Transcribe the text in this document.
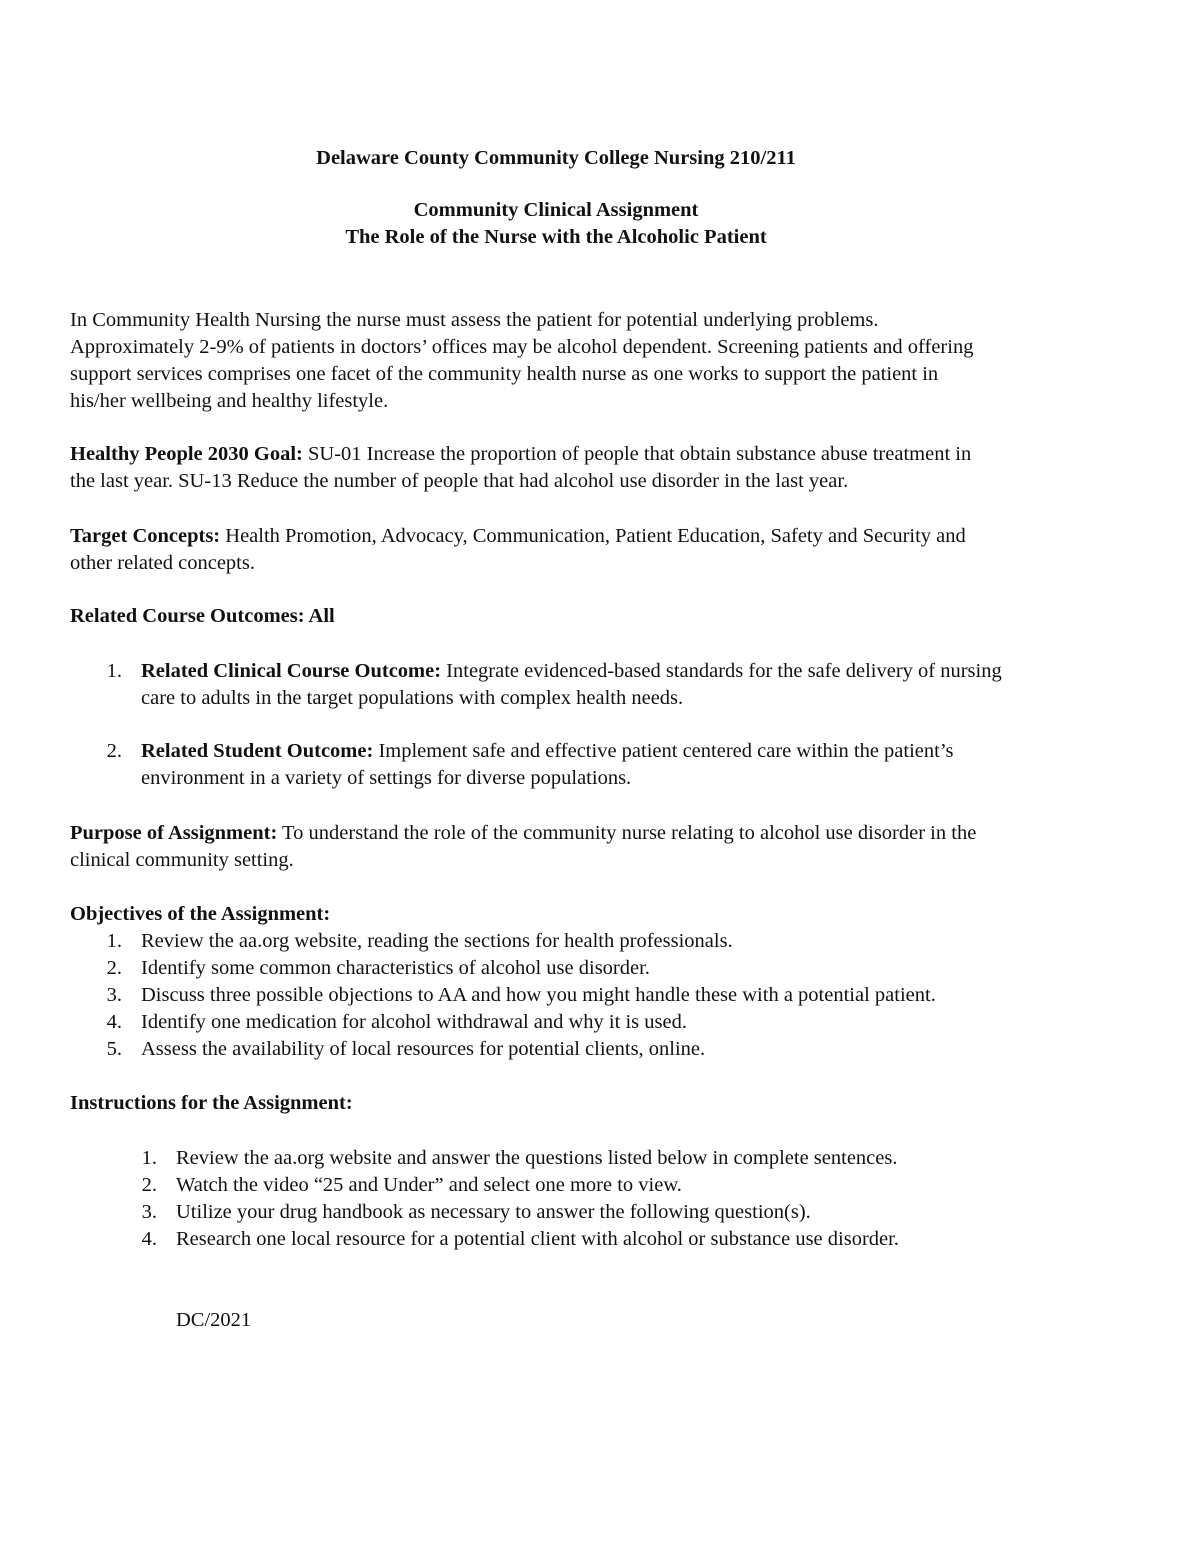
Delaware County Community College Nursing 210/211
Community Clinical Assignment
The Role of the Nurse with the Alcoholic Patient

In Community Health Nursing the nurse must assess the patient for potential underlying problems.

Approximately 2-9% of patients in doctors’ offices may be alcohol dependent. Screening patients and offering

support services comprises one facet of the community health nurse as one works to support the patient in

his/her wellbeing and healthy lifestyle.

Healthy People 2030 Goal: SU-01 Increase the proportion of people that obtain substance abuse treatment in

the last year. SU-13 Reduce the number of people that had alcohol use disorder in the last year.

Target Concepts: Health Promotion, Advocacy, Communication, Patient Education, Safety and Security and

other related concepts.

Related Course Outcomes: All
1. Related Clinical Course Outcome: Integrate evidenced-based standards for the safe delivery of nursing

care to adults in the target populations with complex health needs.

2. Related Student Outcome: Implement safe and effective patient centered care within the patient’s

environment in a variety of settings for diverse populations.

Purpose of Assignment: To understand the role of the community nurse relating to alcohol use disorder in the

clinical community setting.

Objectives of the Assignment:
1. Review the aa.org website, reading the sections for health professionals.
2. Identify some common characteristics of alcohol use disorder.
3. Discuss three possible objections to AA and how you might handle these with a potential patient.
4. Identify one medication for alcohol withdrawal and why it is used.
5. Assess the availability of local resources for potential clients, online.
Instructions for the Assignment:
1. Review the aa.org website and answer the questions listed below in complete sentences.
2. Watch the video “25 and Under” and select one more to view.
3. Utilize your drug handbook as necessary to answer the following question(s).
4. Research one local resource for a potential client with alcohol or substance use disorder.
DC/2021
